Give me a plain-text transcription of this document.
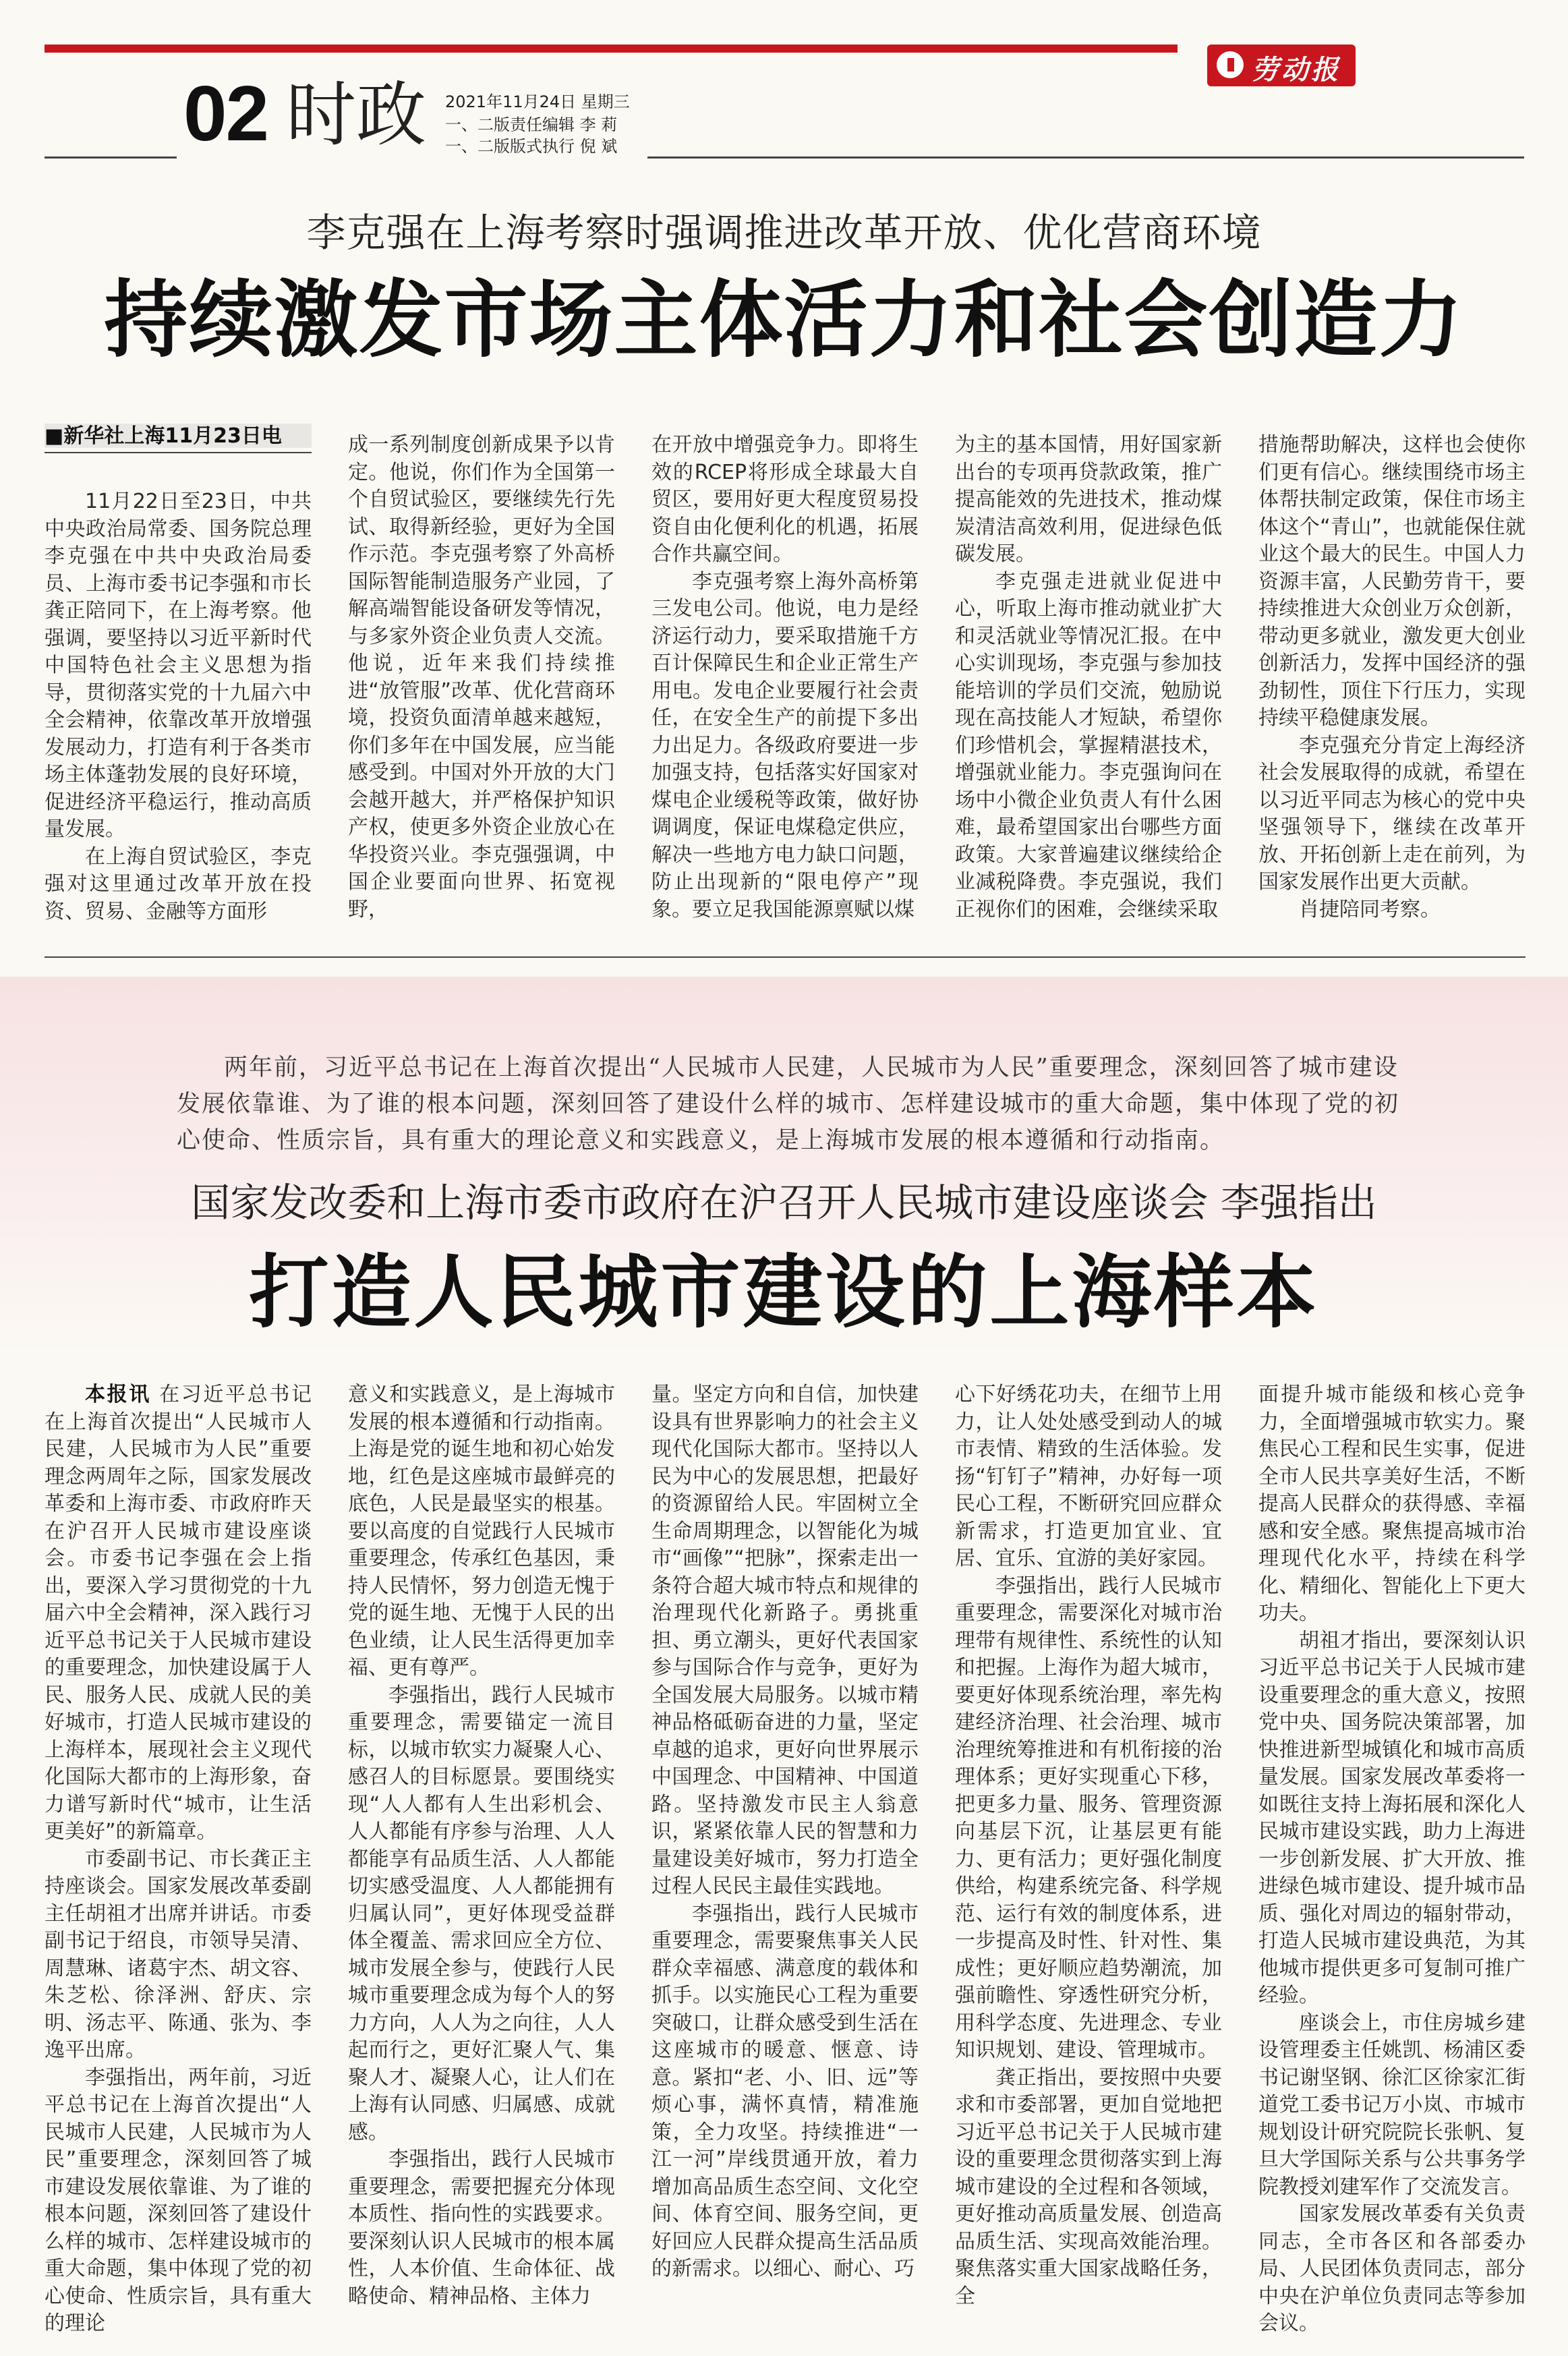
劳动报
02 时政 2021年11月24日 星期三
一、二版责任编辑 李 莉
一、二版版式执行 倪 斌
李克强在上海考察时强调推进改革开放、优化营商环境
持续激发市场主体活力和社会创造力
■新华社上海11月23日电

11月22日至23日，中共中央政治局常委、国务院总理李克强在中共中央政治局委员、上海市委书记李强和市长龚正陪同下，在上海考察。他强调，要坚持以习近平新时代中国特色社会主义思想为指导，贯彻落实党的十九届六中全会精神，依靠改革开放增强发展动力，打造有利于各类市场主体蓬勃发展的良好环境，促进经济平稳运行，推动高质量发展。

在上海自贸试验区，李克强对这里通过改革开放在投资、贸易、金融等方面形

成一系列制度创新成果予以肯定。他说，你们作为全国第一个自贸试验区，要继续先行先试、取得新经验，更好为全国作示范。李克强考察了外高桥国际智能制造服务产业园，了解高端智能设备研发等情况，与多家外资企业负责人交流。他说，近年来我们持续推进“放管服”改革、优化营商环境，投资负面清单越来越短，你们多年在中国发展，应当能感受到。中国对外开放的大门会越开越大，并严格保护知识产权，使更多外资企业放心在华投资兴业。李克强强调，中国企业要面向世界、拓宽视野，

在开放中增强竞争力。即将生效的RCEP将形成全球最大自贸区，要用好更大程度贸易投资自由化便利化的机遇，拓展合作共赢空间。

李克强考察上海外高桥第三发电公司。他说，电力是经济运行动力，要采取措施千方百计保障民生和企业正常生产用电。发电企业要履行社会责任，在安全生产的前提下多出力出足力。各级政府要进一步加强支持，包括落实好国家对煤电企业缓税等政策，做好协调调度，保证电煤稳定供应，解决一些地方电力缺口问题，防止出现新的“限电停产”现象。要立足我国能源禀赋以煤

为主的基本国情，用好国家新出台的专项再贷款政策，推广提高能效的先进技术，推动煤炭清洁高效利用，促进绿色低碳发展。

李克强走进就业促进中心，听取上海市推动就业扩大和灵活就业等情况汇报。在中心实训现场，李克强与参加技能培训的学员们交流，勉励说现在高技能人才短缺，希望你们珍惜机会，掌握精湛技术，增强就业能力。李克强询问在场中小微企业负责人有什么困难，最希望国家出台哪些方面政策。大家普遍建议继续给企业减税降费。李克强说，我们正视你们的困难，会继续采取

措施帮助解决，这样也会使你们更有信心。继续围绕市场主体帮扶制定政策，保住市场主体这个“青山”，也就能保住就业这个最大的民生。中国人力资源丰富，人民勤劳肯干，要持续推进大众创业万众创新，带动更多就业，激发更大创业创新活力，发挥中国经济的强劲韧性，顶住下行压力，实现持续平稳健康发展。

李克强充分肯定上海经济社会发展取得的成就，希望在以习近平同志为核心的党中央坚强领导下，继续在改革开放、开拓创新上走在前列，为国家发展作出更大贡献。

肖捷陪同考察。

两年前，习近平总书记在上海首次提出“人民城市人民建，人民城市为人民”重要理念，深刻回答了城市建设发展依靠谁、为了谁的根本问题，深刻回答了建设什么样的城市、怎样建设城市的重大命题，集中体现了党的初心使命、性质宗旨，具有重大的理论意义和实践意义，是上海城市发展的根本遵循和行动指南。
国家发改委和上海市委市政府在沪召开人民城市建设座谈会 李强指出
打造人民城市建设的上海样本

本报讯 在习近平总书记在上海首次提出“人民城市人民建，人民城市为人民”重要理念两周年之际，国家发展改革委和上海市委、市政府昨天在沪召开人民城市建设座谈会。市委书记李强在会上指出，要深入学习贯彻党的十九届六中全会精神，深入践行习近平总书记关于人民城市建设的重要理念，加快建设属于人民、服务人民、成就人民的美好城市，打造人民城市建设的上海样本，展现社会主义现代化国际大都市的上海形象，奋力谱写新时代“城市，让生活更美好”的新篇章。

市委副书记、市长龚正主持座谈会。国家发展改革委副主任胡祖才出席并讲话。市委副书记于绍良，市领导吴清、周慧琳、诸葛宇杰、胡文容、朱芝松、徐泽洲、舒庆、宗明、汤志平、陈通、张为、李逸平出席。

李强指出，两年前，习近平总书记在上海首次提出“人民城市人民建，人民城市为人民”重要理念，深刻回答了城市建设发展依靠谁、为了谁的根本问题，深刻回答了建设什么样的城市、怎样建设城市的重大命题，集中体现了党的初心使命、性质宗旨，具有重大的理论

意义和实践意义，是上海城市发展的根本遵循和行动指南。上海是党的诞生地和初心始发地，红色是这座城市最鲜亮的底色，人民是最坚实的根基。要以高度的自觉践行人民城市重要理念，传承红色基因，秉持人民情怀，努力创造无愧于党的诞生地、无愧于人民的出色业绩，让人民生活得更加幸福、更有尊严。

李强指出，践行人民城市重要理念，需要锚定一流目标，以城市软实力凝聚人心、感召人的目标愿景。要围绕实现“人人都有人生出彩机会、人人都能有序参与治理、人人都能享有品质生活、人人都能切实感受温度、人人都能拥有归属认同”，更好体现受益群体全覆盖、需求回应全方位、城市发展全参与，使践行人民城市重要理念成为每个人的努力方向，人人为之向往，人人起而行之，更好汇聚人气、集聚人才、凝聚人心，让人们在上海有认同感、归属感、成就感。

李强指出，践行人民城市重要理念，需要把握充分体现本质性、指向性的实践要求。要深刻认识人民城市的根本属性，人本价值、生命体征、战略使命、精神品格、主体力

量。坚定方向和自信，加快建设具有世界影响力的社会主义现代化国际大都市。坚持以人民为中心的发展思想，把最好的资源留给人民。牢固树立全生命周期理念，以智能化为城市“画像”“把脉”，探索走出一条符合超大城市特点和规律的治理现代化新路子。勇挑重担、勇立潮头，更好代表国家参与国际合作与竞争，更好为全国发展大局服务。以城市精神品格砥砺奋进的力量，坚定卓越的追求，更好向世界展示中国理念、中国精神、中国道路。坚持激发市民主人翁意识，紧紧依靠人民的智慧和力量建设美好城市，努力打造全过程人民民主最佳实践地。

李强指出，践行人民城市重要理念，需要聚焦事关人民群众幸福感、满意度的载体和抓手。以实施民心工程为重要突破口，让群众感受到生活在这座城市的暖意、惬意、诗意。紧扣“老、小、旧、远”等烦心事，满怀真情，精准施策，全力攻坚。持续推进“一江一河”岸线贯通开放，着力增加高品质生态空间、文化空间、体育空间、服务空间，更好回应人民群众提高生活品质的新需求。以细心、耐心、巧

心下好绣花功夫，在细节上用力，让人处处感受到动人的城市表情、精致的生活体验。发扬“钉钉子”精神，办好每一项民心工程，不断研究回应群众新需求，打造更加宜业、宜居、宜乐、宜游的美好家园。

李强指出，践行人民城市重要理念，需要深化对城市治理带有规律性、系统性的认知和把握。上海作为超大城市，要更好体现系统治理，率先构建经济治理、社会治理、城市治理统筹推进和有机衔接的治理体系；更好实现重心下移，把更多力量、服务、管理资源向基层下沉，让基层更有能力、更有活力；更好强化制度供给，构建系统完备、科学规范、运行有效的制度体系，进一步提高及时性、针对性、集成性；更好顺应趋势潮流，加强前瞻性、穿透性研究分析，用科学态度、先进理念、专业知识规划、建设、管理城市。

龚正指出，要按照中央要求和市委部署，更加自觉地把习近平总书记关于人民城市建设的重要理念贯彻落实到上海城市建设的全过程和各领域，更好推动高质量发展、创造高品质生活、实现高效能治理。聚焦落实重大国家战略任务，全

面提升城市能级和核心竞争力，全面增强城市软实力。聚焦民心工程和民生实事，促进全市人民共享美好生活，不断提高人民群众的获得感、幸福感和安全感。聚焦提高城市治理现代化水平，持续在科学化、精细化、智能化上下更大功夫。

胡祖才指出，要深刻认识习近平总书记关于人民城市建设重要理念的重大意义，按照党中央、国务院决策部署，加快推进新型城镇化和城市高质量发展。国家发展改革委将一如既往支持上海拓展和深化人民城市建设实践，助力上海进一步创新发展、扩大开放、推进绿色城市建设、提升城市品质、强化对周边的辐射带动，打造人民城市建设典范，为其他城市提供更多可复制可推广经验。

座谈会上，市住房城乡建设管理委主任姚凯、杨浦区委书记谢坚钢、徐汇区徐家汇街道党工委书记万小岚、市城市规划设计研究院院长张帆、复旦大学国际关系与公共事务学院教授刘建军作了交流发言。

国家发展改革委有关负责同志，全市各区和各部委办局、人民团体负责同志，部分中央在沪单位负责同志等参加会议。
